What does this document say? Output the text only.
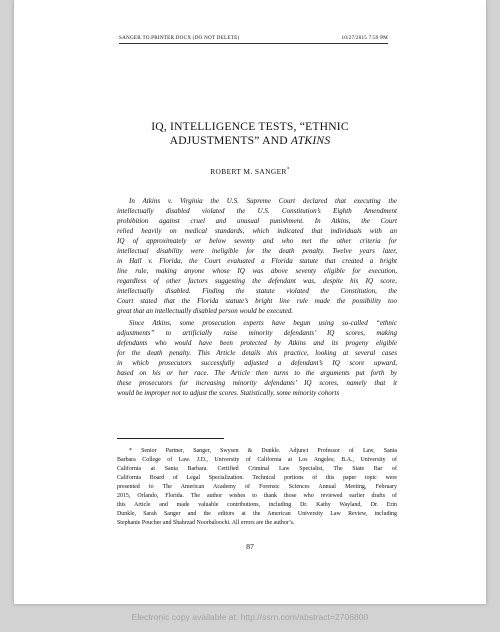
SANGER.TO.PRINTER.DOCX (DO NOT DELETE)	10/27/2015 7:59 PM
IQ, INTELLIGENCE TESTS, “ETHNIC
ADJUSTMENTS” AND ATKINS
ROBERT M. SANGER*
In Atkins v. Virginia the U.S. Supreme Court declared that executing the
intellectually disabled violated the U.S. Constitution’s Eighth Amendment
prohibition against cruel and unusual punishment. In Atkins, the Court
relied heavily on medical standards, which indicated that individuals with an
IQ of approximately or below seventy and who met the other criteria for
intellectual disability were ineligible for the death penalty. Twelve years later,
in Hall v. Florida, the Court evaluated a Florida statute that created a bright
line rule, making anyone whose IQ was above seventy eligible for execution,
regardless of other factors suggesting the defendant was, despite his IQ score,
intellectually disabled. Finding the statute violated the Constitution, the
Court stated that the Florida statute’s bright line rule made the possibility too
great that an intellectually disabled person would be executed.
Since Atkins, some prosecution experts have begun using so-called “ethnic
adjustments” to artificially raise minority defendants’ IQ scores, making
defendants who would have been protected by Atkins and its progeny eligible
for the death penalty. This Article details this practice, looking at several cases
in which prosecutors successfully adjusted a defendant’s IQ score upward,
based on his or her race. The Article then turns to the arguments put forth by
these prosecutors for increasing minority defendants’ IQ scores, namely that it
would be improper not to adjust the scores. Statistically, some minority cohorts
* Senior Partner, Sanger, Swysen & Dunkle. Adjunct Professor of Law, Santa
Barbara College of Law. J.D., University of California at Los Angeles; B.A., University of
California at Santa Barbara. Certified Criminal Law Specialist, The State Bar of
California Board of Legal Specialization. Technical portions of this paper topic were
presented to The American Academy of Forensic Sciences Annual Meeting, February
2015, Orlando, Florida. The author wishes to thank those who reviewed earlier drafts of
this Article and made valuable contributions, including Dr. Kathy Wayland, Dr. Erin
Dunkle, Sarah Sanger and the editors at the American University Law Review, including
Stephanie Poucher and Shahrzad Noorbaloochi. All errors are the author’s.
87
Electronic copy available at: http://ssrn.com/abstract=2706800
